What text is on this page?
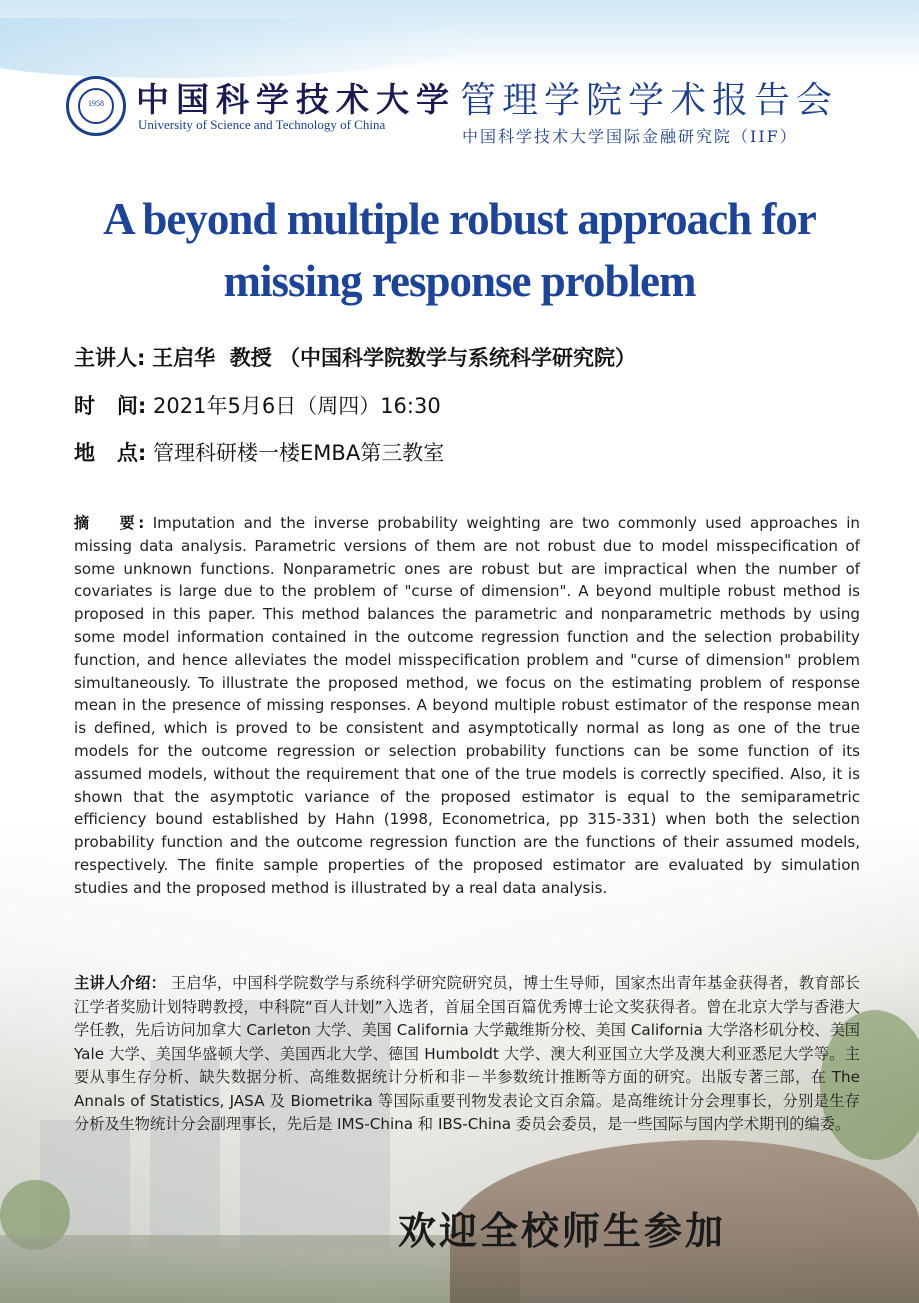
1958 中国科学技术大学
University of Science and Technology of China
管理学院学术报告会
中国科学技术大学国际金融研究院（IIF）
A beyond multiple robust approach for
missing response problem
主讲人: 王启华  教授 （中国科学院数学与系统科学研究院）
时   间: 2021年5月6日（周四）16:30
地   点: 管理科研楼一楼EMBA第三教室
摘   要: Imputation and the inverse probability weighting are two commonly used approaches in missing data analysis. Parametric versions of them are not robust due to model misspecification of some unknown functions. Nonparametric ones are robust but are impractical when the number of covariates is large due to the problem of "curse of dimension". A beyond multiple robust method is proposed in this paper. This method balances the parametric and nonparametric methods by using some model information contained in the outcome regression function and the selection probability function, and hence alleviates the model misspecification problem and "curse of dimension" problem simultaneously. To illustrate the proposed method, we focus on the estimating problem of response mean in the presence of missing responses. A beyond multiple robust estimator of the response mean is defined, which is proved to be consistent and asymptotically normal as long as one of the true models for the outcome regression or selection probability functions can be some function of its assumed models, without the requirement that one of the true models is correctly specified. Also, it is shown that the asymptotic variance of the proposed estimator is equal to the semiparametric efficiency bound established by Hahn (1998, Econometrica, pp 315-331) when both the selection probability function and the outcome regression function are the functions of their assumed models, respectively. The finite sample properties of the proposed estimator are evaluated by simulation studies and the proposed method is illustrated by a real data analysis.
主讲人介绍： 王启华，中国科学院数学与系统科学研究院研究员，博士生导师，国家杰出青年基金获得者，教育部长江学者奖励计划特聘教授，中科院“百人计划”入选者，首届全国百篇优秀博士论文奖获得者。曾在北京大学与香港大学任教，先后访问加拿大 Carleton 大学、美国 California 大学戴维斯分校、美国 California 大学洛杉矶分校、美国 Yale 大学、美国华盛顿大学、美国西北大学、德国 Humboldt 大学、澳大利亚国立大学及澳大利亚悉尼大学等。主要从事生存分析、缺失数据分析、高维数据统计分析和非－半参数统计推断等方面的研究。出版专著三部，在 The Annals of Statistics, JASA 及 Biometrika 等国际重要刊物发表论文百余篇。是高维统计分会理事长，分别是生存分析及生物统计分会副理事长，先后是 IMS-China 和 IBS-China 委员会委员，是一些国际与国内学术期刊的编委。
欢迎全校师生参加
